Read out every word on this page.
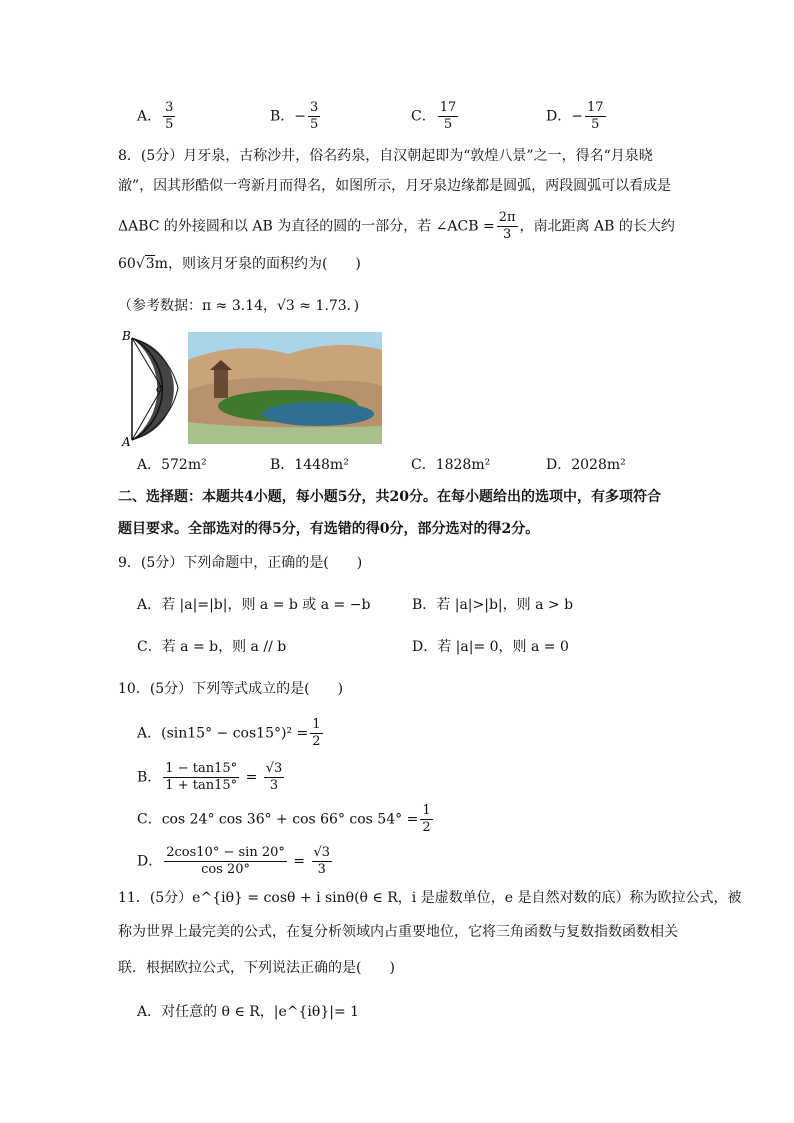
A． $\frac{3}{5}$	B．− $\frac{3}{5}$	C． $\frac{17}{5}$	D．− $\frac{17}{5}$
8．(5分）月牙泉，古称沙井，俗名药泉，自汉朝起即为“敦煌八景”之一，得名“月泉晓
澈”，因其形酷似一弯新月而得名，如图所示，月牙泉边缘都是圆弧，两段圆弧可以看成是
ΔABC 的外接圆和以 AB 为直径的圆的一部分，若 ∠ACB = $\frac{2\pi}{3}$ ，南北距离 AB 的长大约
60√3m，则该月牙泉的面积约为(　　)
（参考数据：π ≈ 3.14，√3 ≈ 1.73．)
B
A
c
A．572m²	B．1448m²	C．1828m²	D．2028m²
二、选择题：本题共4小题，每小题5分，共20分。在每小题给出的选项中，有多项符合
题目要求。全部选对的得5分，有选错的得0分，部分选对的得2分。
9．(5分）下列命题中，正确的是(　　)
A．若 |a|=|b|，则 a = b 或 a = −b	B．若 |a|>|b|，则 a > b
C．若 a = b，则 a // b	D．若 |a|= 0，则 a = 0
10．(5分）下列等式成立的是(　　)
A．$(\sin 15^\circ - \cos 15^\circ)^2 = \frac{1}{2}$
B． $\frac{1 - \tan 15^\circ}{1 + \tan 15^\circ} = \frac{√3}{3}$
C．cos 24° cos 36° + cos 66° $\cos 54^\circ = \frac{1}{2}$
D． $\frac{2\cos 10^\circ - \sin 20^\circ}{\cos 20^\circ} = \frac{√3}{3}$
11．(5分）e^{iθ} = cosθ + i sinθ(θ ∈ R，i 是虚数单位，e 是自然对数的底）称为欧拉公式，被
称为世界上最完美的公式，在复分析领域内占重要地位，它将三角函数与复数指数函数相关
联．根据欧拉公式，下列说法正确的是(　　)
A．对任意的 θ ∈ R，|e^{iθ}|= 1
